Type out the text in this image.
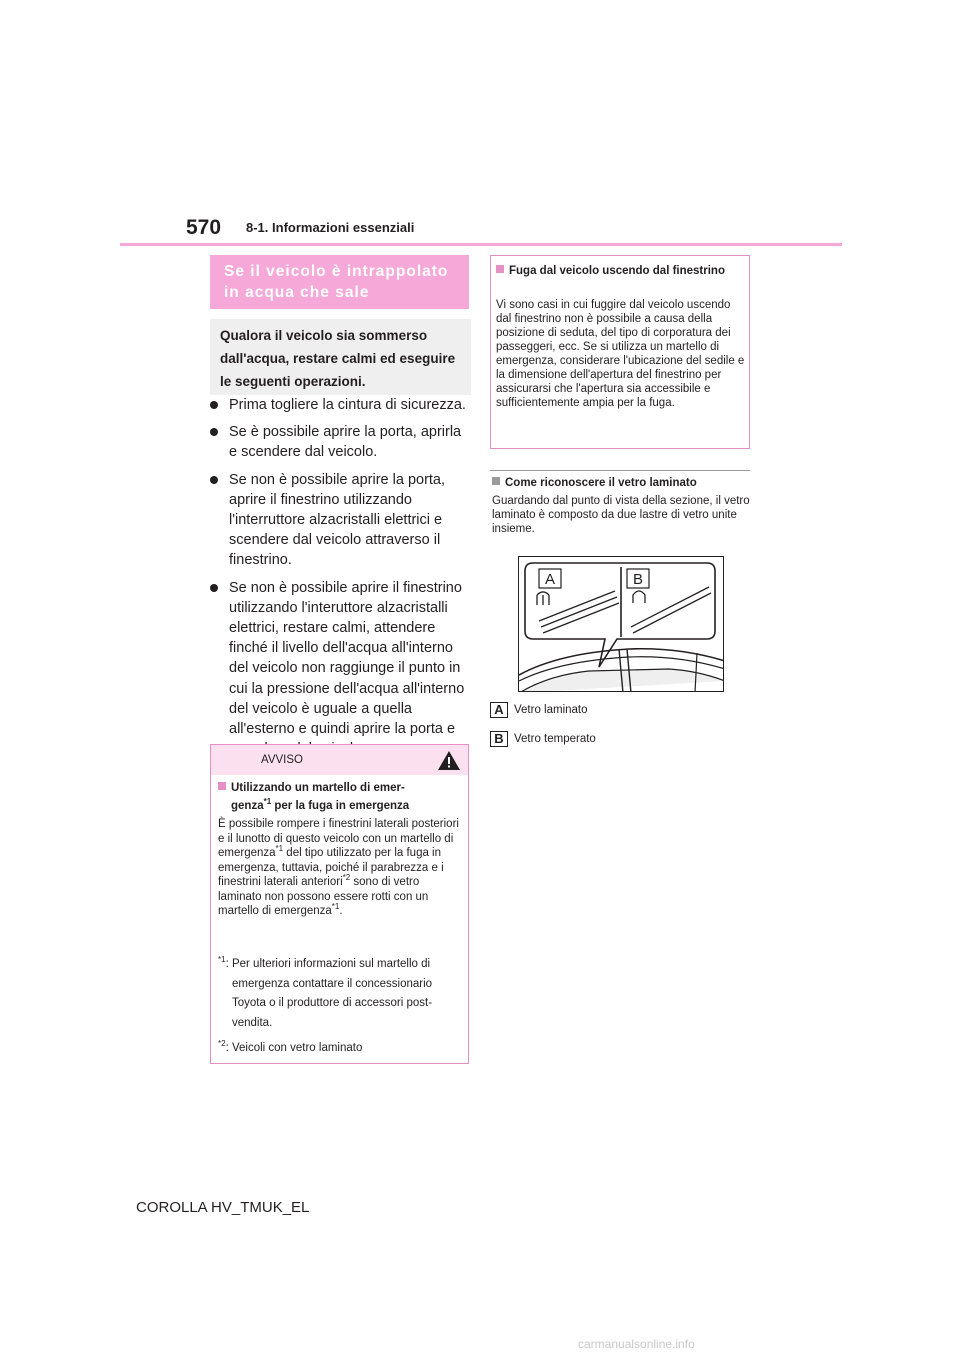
570 8-1. Informazioni essenziali
Se il veicolo è intrappolato in acqua che sale
Qualora il veicolo sia sommerso dall'acqua, restare calmi ed eseguire le seguenti operazioni.
Prima togliere la cintura di sicurezza.
Se è possibile aprire la porta, aprirla e scendere dal veicolo.
Se non è possibile aprire la porta, aprire il finestrino utilizzando l'interruttore alzacristalli elettrici e scendere dal veicolo attraverso il finestrino.
Se non è possibile aprire il finestrino utilizzando l'interuttore alzacristalli elettrici, restare calmi, attendere finché il livello dell'acqua all'interno del veicolo non raggiunge il punto in cui la pressione dell'acqua all'interno del veicolo è uguale a quella all'esterno e quindi aprire la porta e
AVVISO
Utilizzando un martello di emer-
genza$^{*1}$ per la fuga in emergenza
È possibile rompere i finestrini laterali posteriori e il lunotto di questo veicolo con un martello di emergenza$^{*1}$ del tipo utilizzato per la fuga in emergenza, tuttavia, poiché il parabrezza e i finestrini laterali anteriori$^{*2}$ sono di vetro laminato non possono essere rotti con un martello di emergenza$^{*1}$.
$^{*1}$: Per ulteriori informazioni sul martello di emergenza contattare il concessionario Toyota o il produttore di accessori post-vendita.
$^{*2}$: Veicoli con vetro laminato
Fuga dal veicolo uscendo dal finestrino
Vi sono casi in cui fuggire dal veicolo uscendo dal finestrino non è possibile a causa della posizione di seduta, del tipo di corporatura dei passeggeri, ecc. Se si utilizza un martello di emergenza, considerare l'ubicazione del sedile e la dimensione dell'apertura del finestrino per assicurarsi che l'apertura sia accessibile e sufficientemente ampia per la fuga.
Come riconoscere il vetro laminato
Guardando dal punto di vista della sezione, il vetro laminato è composto da due lastre di vetro unite insieme.
A	B
A Vetro laminato
B Vetro temperato
COROLLA HV_TMUK_EL
carmanualsonline.info
